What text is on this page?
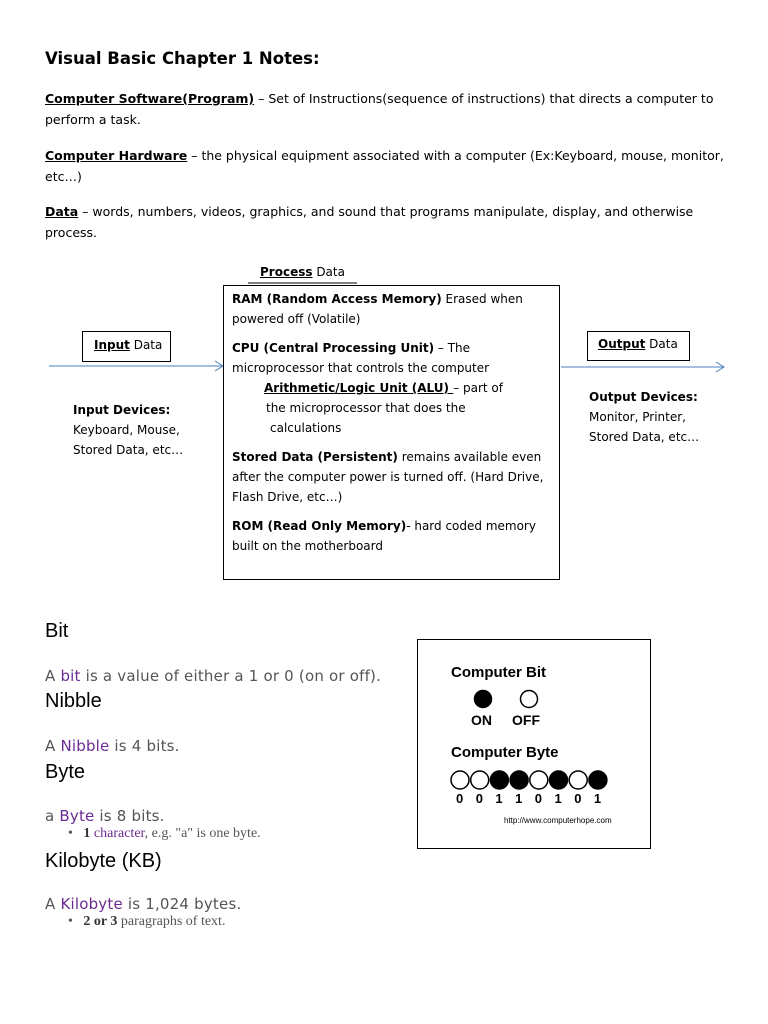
Visual Basic Chapter 1 Notes:
Computer Software(Program) – Set of Instructions(sequence of instructions) that directs a computer to perform a task.
Computer Hardware – the physical equipment associated with a computer (Ex:Keyboard, mouse, monitor, etc…)
Data – words, numbers, videos, graphics, and sound that programs manipulate, display, and otherwise process.
Process Data
Input Data	Output Data
Input Devices:
Keyboard, Mouse,
Stored Data, etc…
Output Devices:
Monitor, Printer,
Stored Data, etc…

RAM (Random Access Memory) Erased when powered off (Volatile)

CPU (Central Processing Unit) – The microprocessor that controls the computer

Arithmetic/Logic Unit (ALU) – part of

the microprocessor that does the

calculations

Stored Data (Persistent) remains available even after the computer power is turned off. (Hard Drive, Flash Drive, etc…)

ROM (Read Only Memory)- hard coded memory built on the motherboard

Bit
A bit is a value of either a 1 or 0 (on or off).
Nibble
A Nibble is 4 bits.
Byte
a Byte is 8 bits.
•   1 character, e.g. "a" is one byte.
Kilobyte (KB)
A Kilobyte is 1,024 bytes.
•   2 or 3 paragraphs of text.
Computer Bit
ON OFF
Computer Byte
0 0 1 1 0 1 0 1
http://www.computerhope.com
